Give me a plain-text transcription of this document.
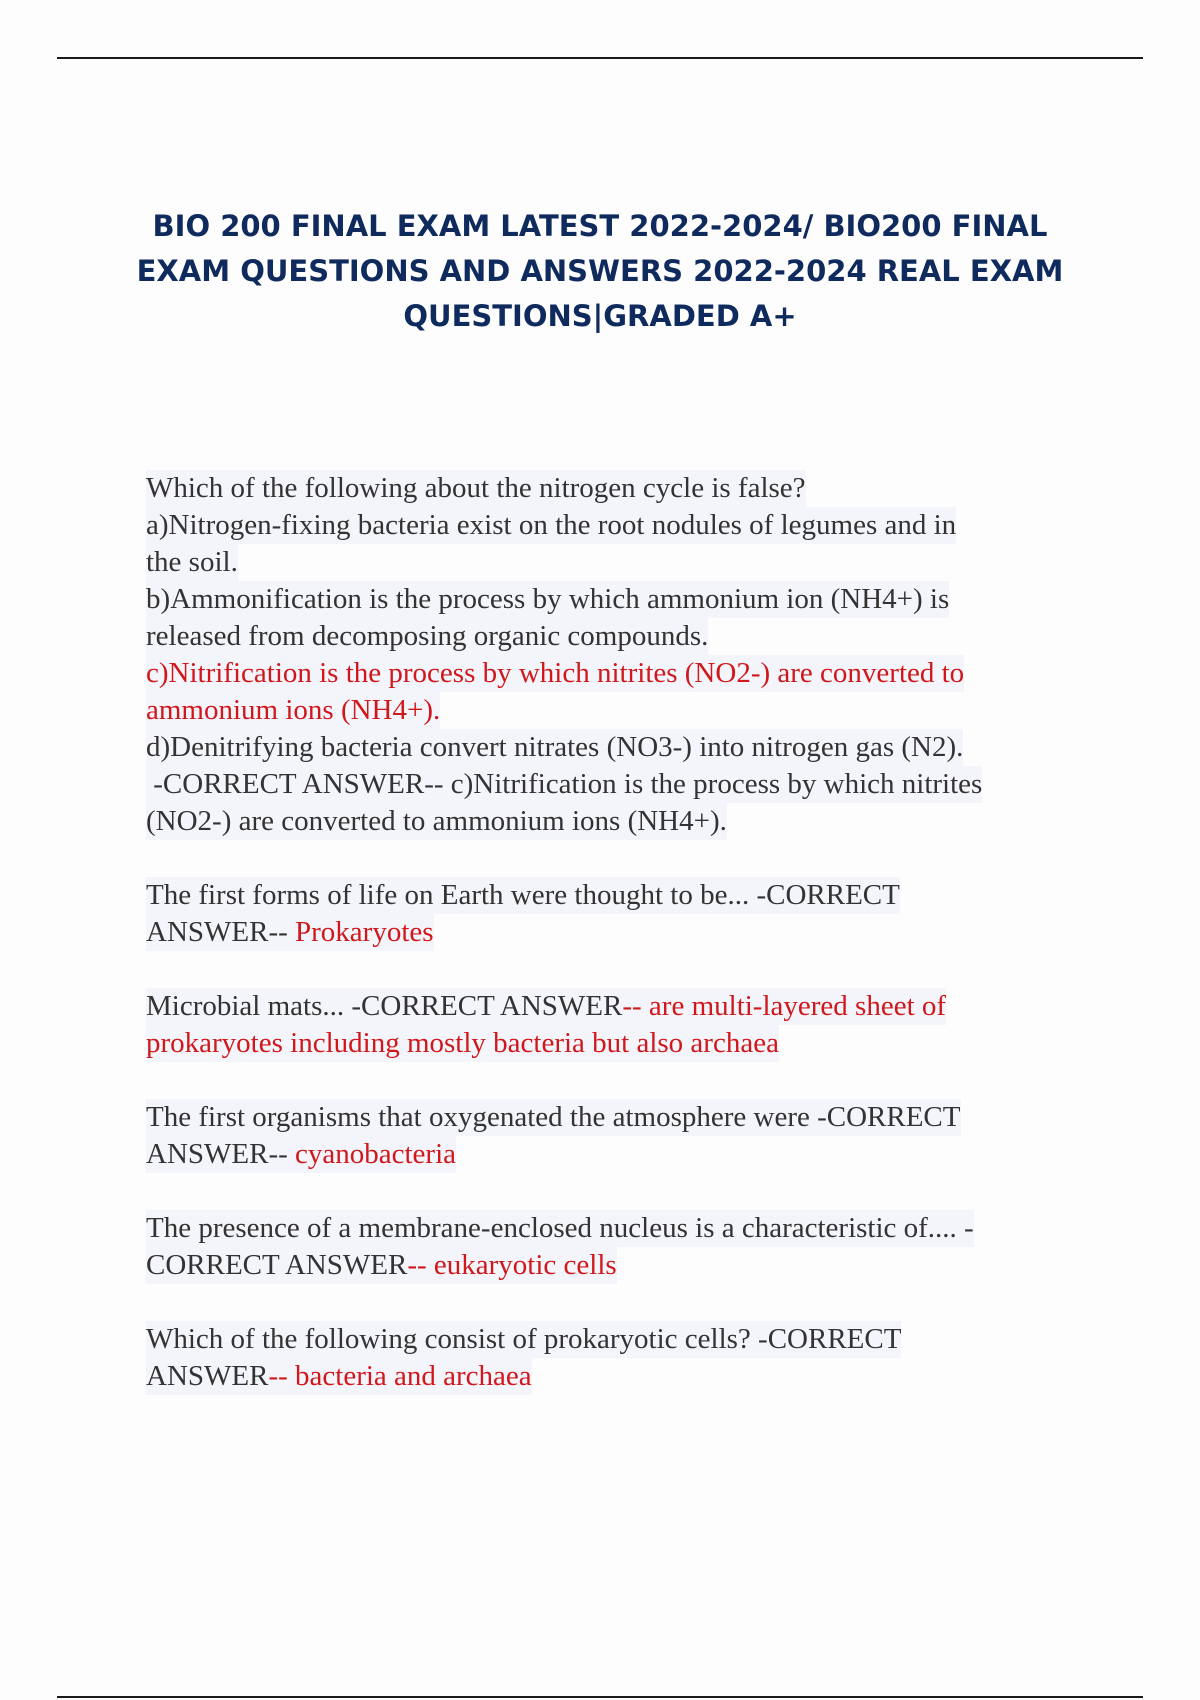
BIO 200 FINAL EXAM LATEST 2022-2024/ BIO200 FINAL
EXAM QUESTIONS AND ANSWERS 2022-2024 REAL EXAM
QUESTIONS|GRADED A+
Which of the following about the nitrogen cycle is false?
a)Nitrogen-fixing bacteria exist on the root nodules of legumes and in
the soil.
b)Ammonification is the process by which ammonium ion (NH4+) is
released from decomposing organic compounds.
c)Nitrification is the process by which nitrites (NO2-) are converted to
ammonium ions (NH4+).
d)Denitrifying bacteria convert nitrates (NO3-) into nitrogen gas (N2).
-CORRECT ANSWER-- c)Nitrification is the process by which nitrites
(NO2-) are converted to ammonium ions (NH4+).
The first forms of life on Earth were thought to be... -CORRECT
ANSWER-- Prokaryotes
Microbial mats... -CORRECT ANSWER-- are multi-layered sheet of
prokaryotes including mostly bacteria but also archaea
The first organisms that oxygenated the atmosphere were -CORRECT
ANSWER-- cyanobacteria
The presence of a membrane-enclosed nucleus is a characteristic of.... -
CORRECT ANSWER-- eukaryotic cells
Which of the following consist of prokaryotic cells? -CORRECT
ANSWER-- bacteria and archaea
